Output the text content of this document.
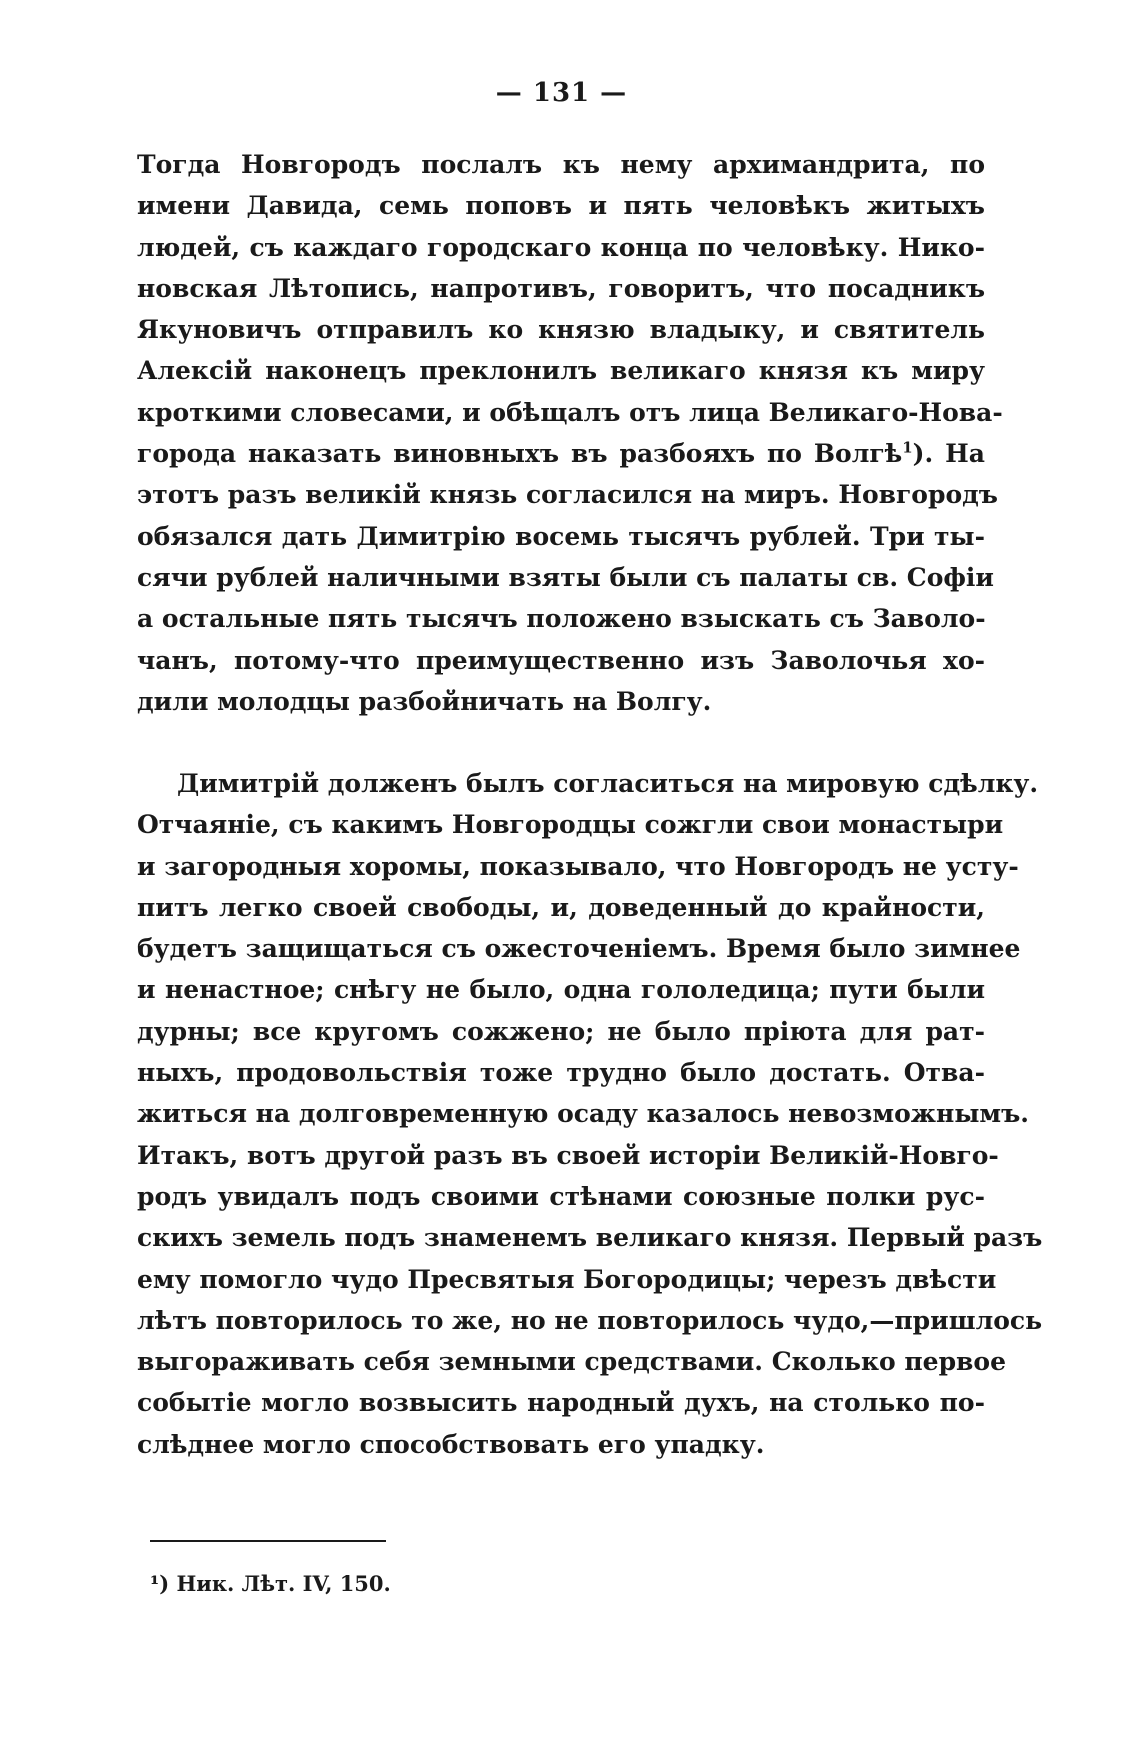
— 131 —
Тогда Новгородъ послалъ къ нему архимандрита, по
имени Давида, семь поповъ и пять человѣкъ житыхъ
людей, съ каждаго городскаго конца по человѣку. Нико-
новская Лѣтопись, напротивъ, говоритъ, что посадникъ
Якуновичъ отправилъ ко князю владыку, и святитель
Алексій наконецъ преклонилъ великаго князя къ миру
кроткими словесами, и обѣщалъ отъ лица Великаго-Нова-
города наказать виновныхъ въ разбояхъ по Волгѣ$^1$). На
этотъ разъ великій князь согласился на миръ. Новгородъ
обязался дать Димитрію восемь тысячъ рублей. Три ты-
сячи рублей наличными взяты были съ палаты св. Софіи
а остальные пять тысячъ положено взыскать съ Заволо-
чанъ, потому-что преимущественно изъ Заволочья хо-
дили молодцы разбойничать на Волгу.
Димитрій долженъ былъ согласиться на мировую сдѣлку.
Отчаяніе, съ какимъ Новгородцы сожгли свои монастыри
и загородныя хоромы, показывало, что Новгородъ не усту-
питъ легко своей свободы, и, доведенный до крайности,
будетъ защищаться съ ожесточеніемъ. Время было зимнее
и ненастное; снѣгу не было, одна гололедица; пути были
дурны; все кругомъ сожжено; не было пріюта для рат-
ныхъ, продовольствія тоже трудно было достать. Отва-
житься на долговременную осаду казалось невозможнымъ.
Итакъ, вотъ другой разъ въ своей исторіи Великій-Новго-
родъ увидалъ подъ своими стѣнами союзные полки рус-
скихъ земель подъ знаменемъ великаго князя. Первый разъ
ему помогло чудо Пресвятыя Богородицы; черезъ двѣсти
лѣтъ повторилось то же, но не повторилось чудо,—пришлось
выгораживать себя земными средствами. Сколько первое
событіе могло возвысить народный духъ, на столько по-
слѣднее могло способствовать его упадку.
¹) Ник. Лѣт. IV, 150.
